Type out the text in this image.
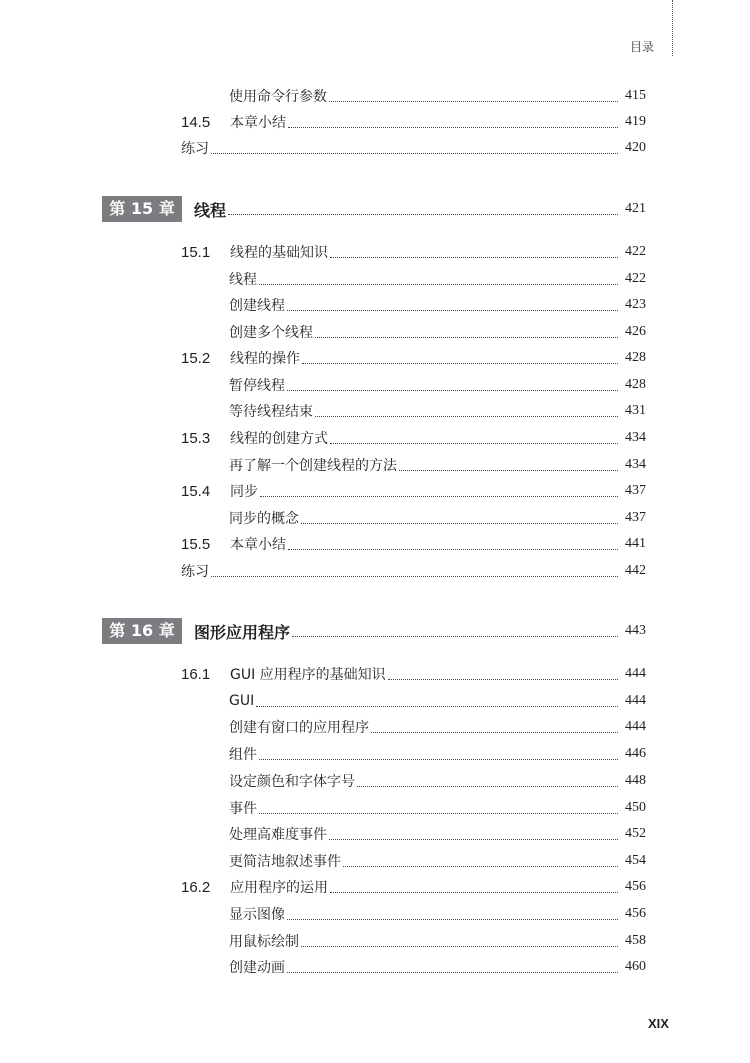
目录
使用命令行参数	415
14.5 本章小结	419
练习	420
第 15 章	线程	421
15.1 线程的基础知识	422
线程	422
创建线程	423
创建多个线程	426
15.2 线程的操作	428
暂停线程	428
等待线程结束	431
15.3 线程的创建方式	434
再了解一个创建线程的方法	434
15.4 同步	437
同步的概念	437
15.5 本章小结	441
练习	442
第 16 章	图形应用程序	443
16.1 GUI 应用程序的基础知识	444
GUI	444
创建有窗口的应用程序	444
组件	446
设定颜色和字体字号	448
事件	450
处理高难度事件	452
更简洁地叙述事件	454
16.2 应用程序的运用	456
显示图像	456
用鼠标绘制	458
创建动画	460
XIX
